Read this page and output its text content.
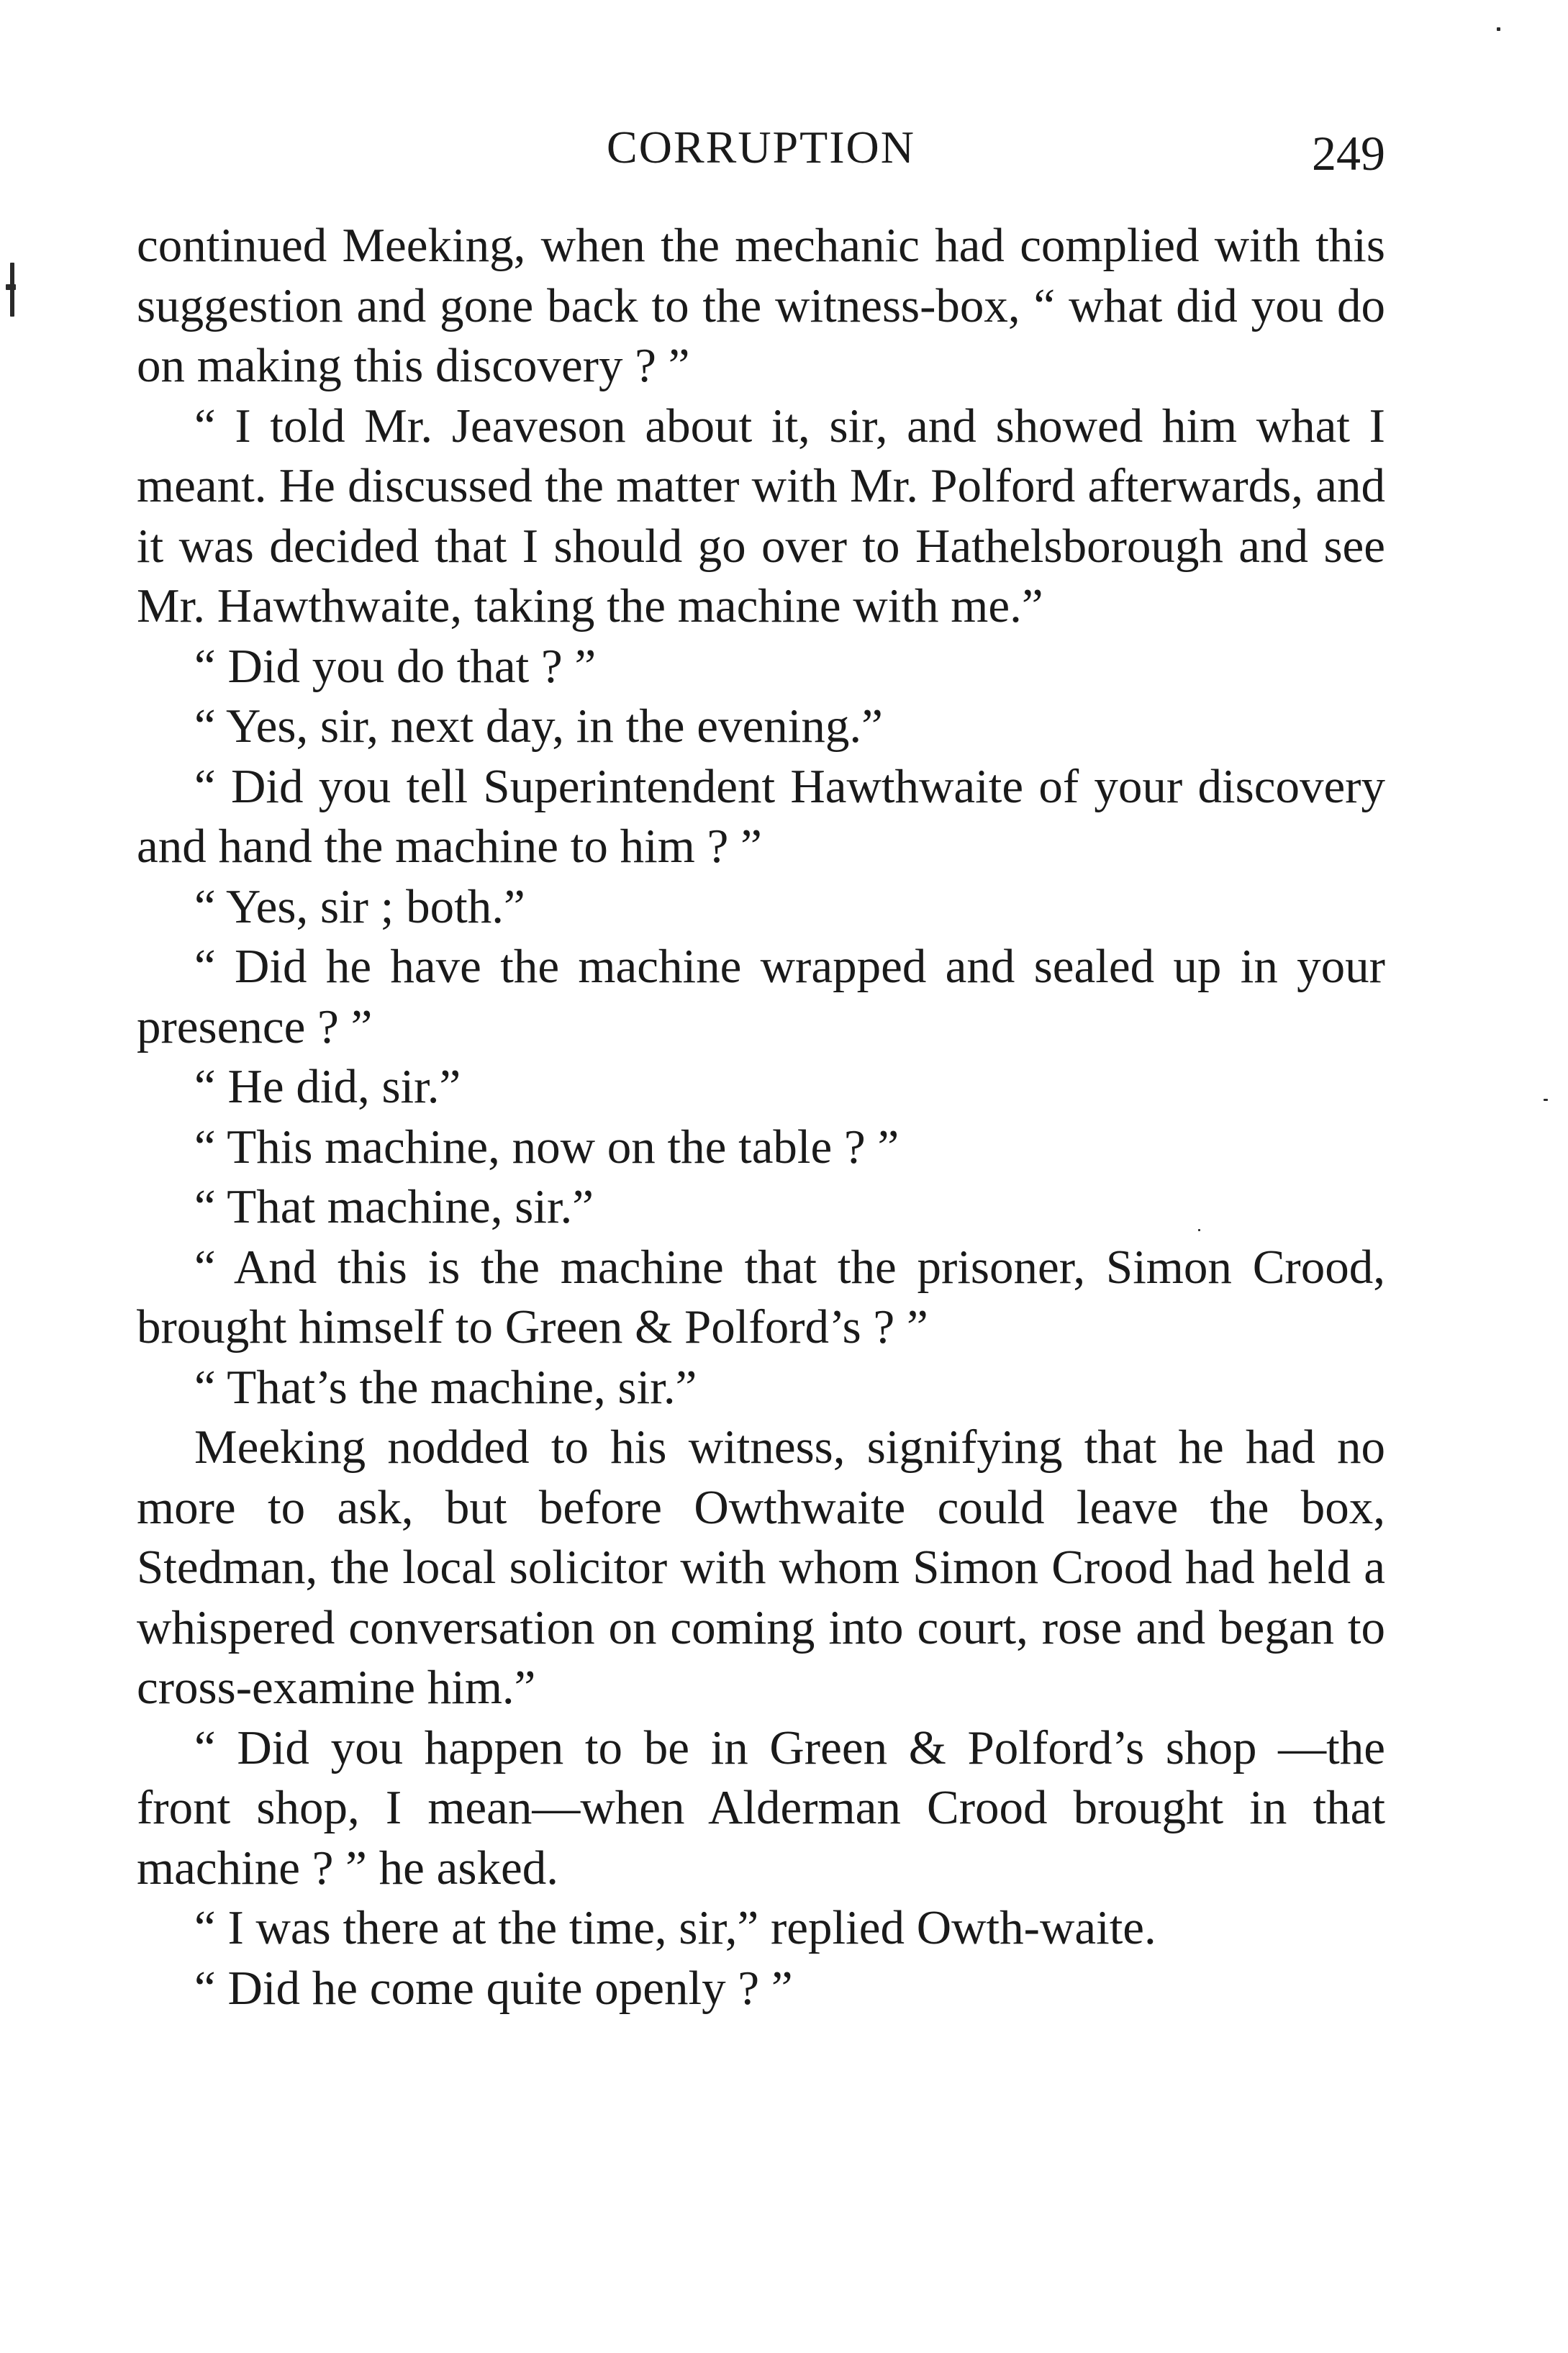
CORRUPTION	249

continued Meeking, when the mechanic had complied with this suggestion and gone back to the witness-box, “ what did you do on making this discovery ? ”

“ I told Mr. Jeaveson about it, sir, and showed him what I meant. He discussed the matter with Mr. Polford afterwards, and it was decided that I should go over to Hathelsborough and see Mr. Hawthwaite, taking the machine with me.”

“ Did you do that ? ”

“ Yes, sir, next day, in the evening.”

“ Did you tell Superintendent Hawthwaite of your discovery and hand the machine to him ? ”

“ Yes, sir ; both.”

“ Did he have the machine wrapped and sealed up in your presence ? ”

“ He did, sir.”

“ This machine, now on the table ? ”

“ That machine, sir.”

“ And this is the machine that the prisoner, Simon Crood, brought himself to Green & Polford’s ? ”

“ That’s the machine, sir.”

Meeking nodded to his witness, signifying that he had no more to ask, but before Owthwaite could leave the box, Stedman, the local solicitor with whom Simon Crood had held a whispered conversation on coming into court, rose and began to cross-examine him.”

“ Did you happen to be in Green & Polford’s shop —the front shop, I mean—when Alderman Crood brought in that machine ? ” he asked.

“ I was there at the time, sir,” replied Owth-waite.

“ Did he come quite openly ? ”
